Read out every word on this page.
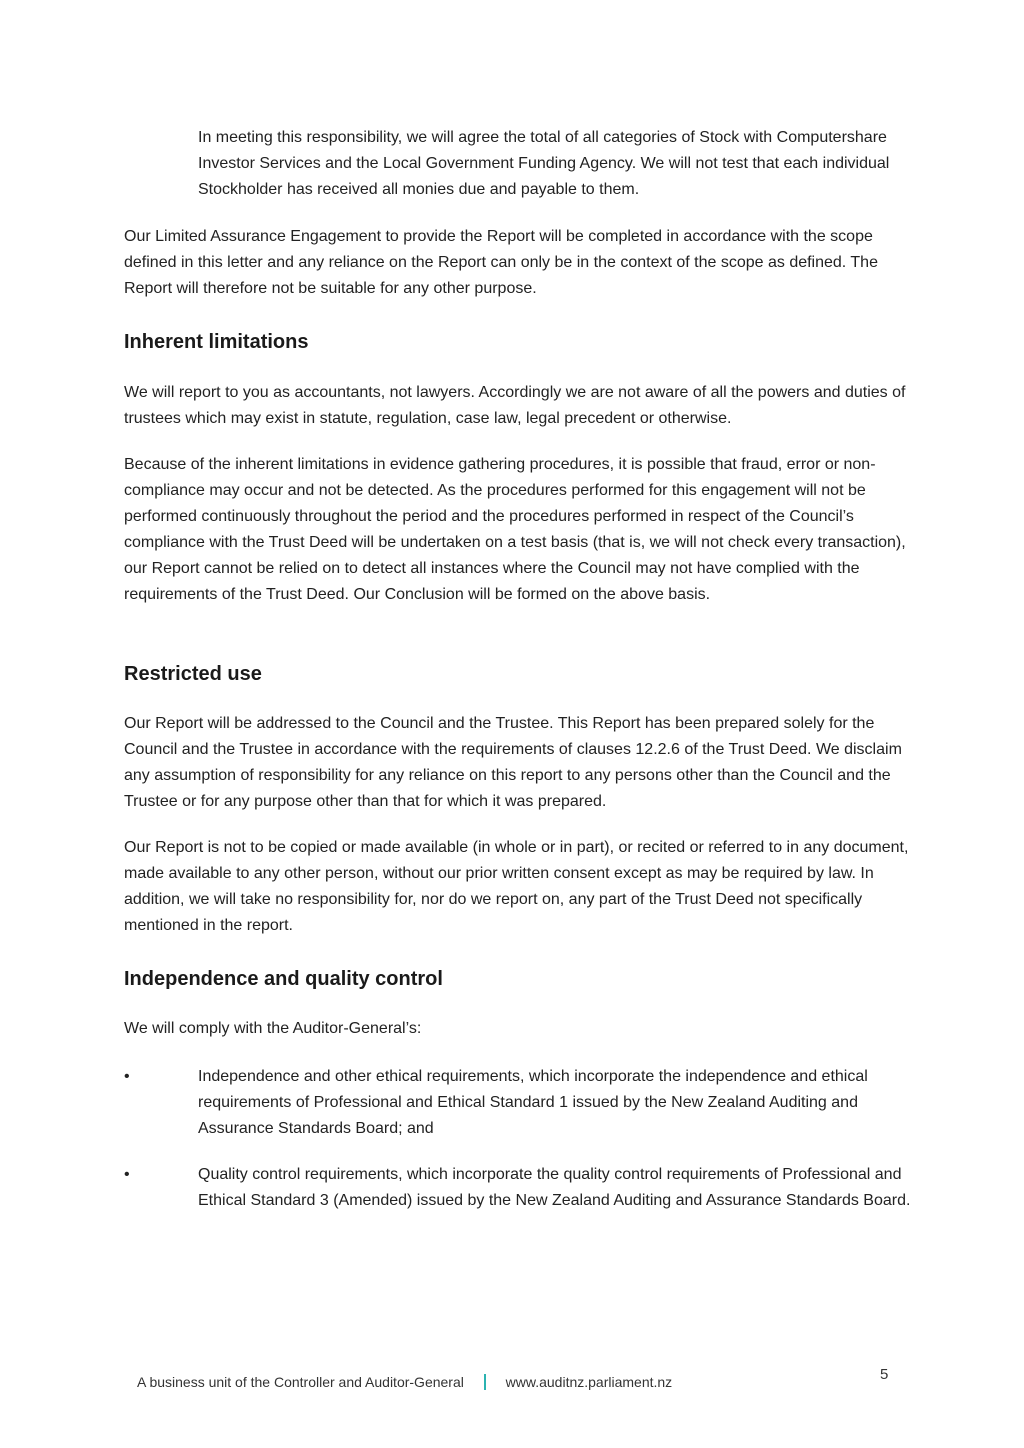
In meeting this responsibility, we will agree the total of all categories of Stock with Computershare Investor Services and the Local Government Funding Agency. We will not test that each individual Stockholder has received all monies due and payable to them.

Our Limited Assurance Engagement to provide the Report will be completed in accordance with the scope defined in this letter and any reliance on the Report can only be in the context of the scope as defined. The Report will therefore not be suitable for any other purpose.

Inherent limitations

We will report to you as accountants, not lawyers. Accordingly we are not aware of all the powers and duties of trustees which may exist in statute, regulation, case law, legal precedent or otherwise.

Because of the inherent limitations in evidence gathering procedures, it is possible that fraud, error or non-compliance may occur and not be detected. As the procedures performed for this engagement will not be performed continuously throughout the period and the procedures performed in respect of the Council’s compliance with the Trust Deed will be undertaken on a test basis (that is, we will not check every transaction), our Report cannot be relied on to detect all instances where the Council may not have complied with the requirements of the Trust Deed. Our Conclusion will be formed on the above basis.

Restricted use

Our Report will be addressed to the Council and the Trustee. This Report has been prepared solely for the Council and the Trustee in accordance with the requirements of clauses 12.2.6 of the Trust Deed. We disclaim any assumption of responsibility for any reliance on this report to any persons other than the Council and the Trustee or for any purpose other than that for which it was prepared.

Our Report is not to be copied or made available (in whole or in part), or recited or referred to in any document, made available to any other person, without our prior written consent except as may be required by law. In addition, we will take no responsibility for, nor do we report on, any part of the Trust Deed not specifically mentioned in the report.

Independence and quality control

We will comply with the Auditor-General’s:

•	Independence and other ethical requirements, which incorporate the independence and ethical requirements of Professional and Ethical Standard 1 issued by the New Zealand Auditing and Assurance Standards Board; and

•	Quality control requirements, which incorporate the quality control requirements of Professional and Ethical Standard 3 (Amended) issued by the New Zealand Auditing and Assurance Standards Board.

A business unit of the Controller and Auditor-General	www.auditnz.parliament.nz	5
